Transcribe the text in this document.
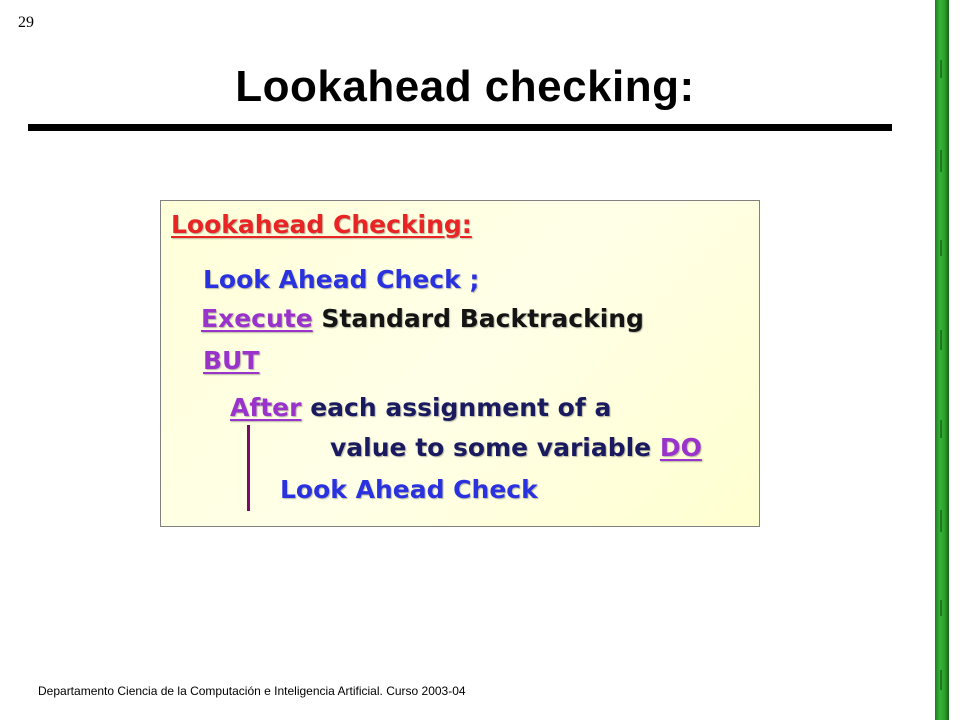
29
Lookahead checking:
Lookahead Checking:
Look Ahead Check ;
Execute Standard Backtracking
BUT
After each assignment of a
value to some variable DO
Look Ahead Check
Departamento Ciencia de la Computación e Inteligencia Artificial. Curso 2003-04
